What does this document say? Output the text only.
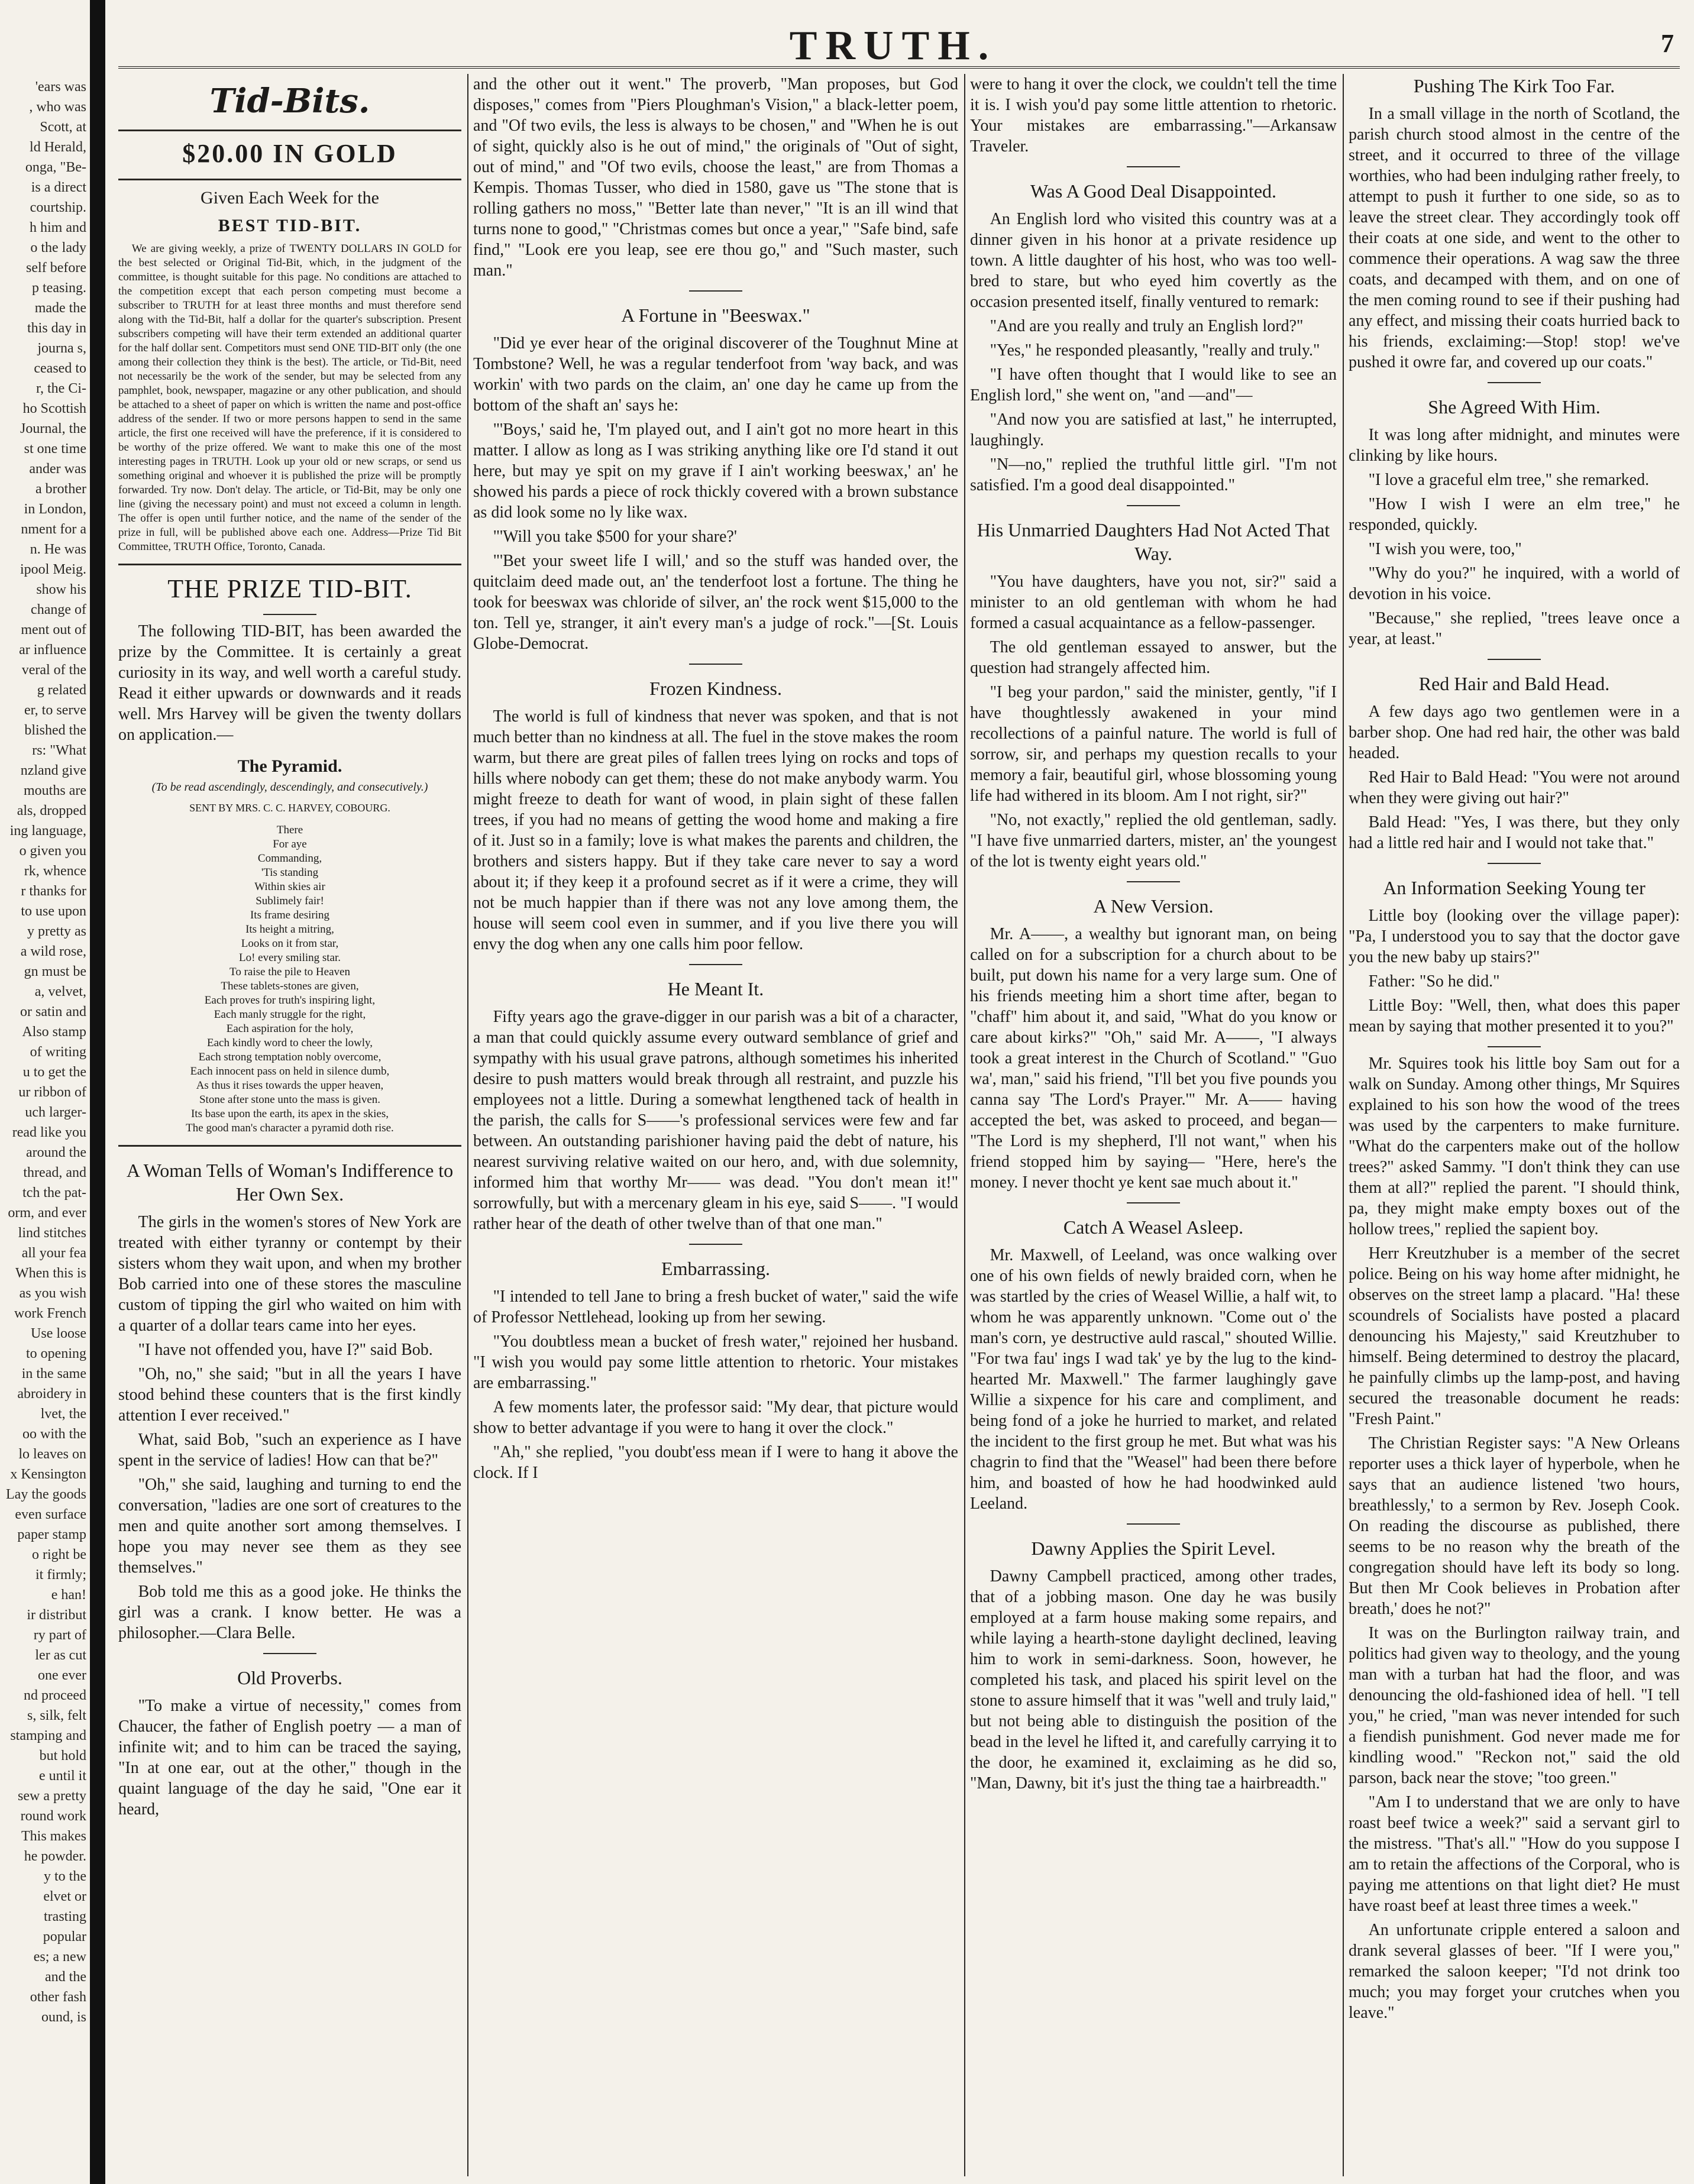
'ears was
, who was
Scott, at
ld Herald,
onga, "Be-
is a direct
courtship.
h him and
o the lady
self before
p teasing.
made the
this day in
journa s,
ceased to
r, the Ci-
ho Scottish
Journal, the
st one time
ander was
a brother
in London,
nment for a
n. He was
ipool Meig.
show his
change of
ment out of
ar influence
veral of the
g related
er, to serve
blished the
rs: "What
nzland give
mouths are
als, dropped
ing language,
o given you
rk, whence
r thanks for
to use upon
y pretty as
a wild rose,
gn must be
a, velvet,
or satin and
Also stamp
of writing
u to get the
ur ribbon of
uch larger-
read like you
around the
thread, and
tch the pat-
orm, and ever
lind stitches
all your fea
When this is
as you wish
work French
Use loose
to opening
in the same
abroidery in
lvet, the
oo with the
lo leaves on
x Kensington
Lay the goods
even surface
paper stamp
o right be
it firmly;
e han!
ir distribut
ry part of
ler as cut
one ever
nd proceed
s, silk, felt
stamping and
but hold
e until it
sew a pretty
round work
This makes
he powder.
y to the
elvet or
trasting
popular
es; a new
and the
other fash
ound, is
TRUTH.	7
Tid-Bits.
$20.00 IN GOLD
Given Each Week for the
BEST TID-BIT.

We are giving weekly, a prize of TWENTY DOLLARS IN GOLD for the best selected or Original Tid-Bit, which, in the judgment of the committee, is thought suitable for this page. No conditions are attached to the competition except that each person competing must become a subscriber to TRUTH for at least three months and must therefore send along with the Tid-Bit, half a dollar for the quarter's subscription. Present subscribers competing will have their term extended an additional quarter for the half dollar sent. Competitors must send ONE TID-BIT only (the one among their collection they think is the best). The article, or Tid-Bit, need not necessarily be the work of the sender, but may be selected from any pamphlet, book, newspaper, magazine or any other publication, and should be attached to a sheet of paper on which is written the name and post-office address of the sender. If two or more persons happen to send in the same article, the first one received will have the preference, if it is considered to be worthy of the prize offered. We want to make this one of the most interesting pages in TRUTH. Look up your old or new scraps, or send us something original and whoever it is published the prize will be promptly forwarded. Try now. Don't delay. The article, or Tid-Bit, may be only one line (giving the necessary point) and must not exceed a column in length. The offer is open until further notice, and the name of the sender of the prize in full, will be published above each one. Address—Prize Tid Bit Committee, TRUTH Office, Toronto, Canada.

THE PRIZE TID-BIT.

The following TID-BIT, has been awarded the prize by the Committee. It is certainly a great curiosity in its way, and well worth a careful study. Read it either upwards or downwards and it reads well. Mrs Harvey will be given the twenty dollars on application.—

The Pyramid.
(To be read ascendingly, descendingly, and consecutively.)
SENT BY MRS. C. C. HARVEY, COBOURG.
There
For aye
Commanding,
'Tis standing
Within skies air
Sublimely fair!
Its frame desiring
Its height a mitring,
Looks on it from star,
Lo! every smiling star.
To raise the pile to Heaven
These tablets-stones are given,
Each proves for truth's inspiring light,
Each manly struggle for the right,
Each aspiration for the holy,
Each kindly word to cheer the lowly,
Each strong temptation nobly overcome,
Each innocent pass on held in silence dumb,
As thus it rises towards the upper heaven,
Stone after stone unto the mass is given.
Its base upon the earth, its apex in the skies,
The good man's character a pyramid doth rise.
A Woman Tells of Woman's Indifference to Her Own Sex.

The girls in the women's stores of New York are treated with either tyranny or contempt by their sisters whom they wait upon, and when my brother Bob carried into one of these stores the masculine custom of tipping the girl who waited on him with a quarter of a dollar tears came into her eyes.

"I have not offended you, have I?" said Bob.

"Oh, no," she said; "but in all the years I have stood behind these counters that is the first kindly attention I ever received."

What, said Bob, "such an experience as I have spent in the service of ladies! How can that be?"

"Oh," she said, laughing and turning to end the conversation, "ladies are one sort of creatures to the men and quite another sort among themselves. I hope you may never see them as they see themselves."

Bob told me this as a good joke. He thinks the girl was a crank. I know better. He was a philosopher.—Clara Belle.

Old Proverbs.

"To make a virtue of necessity," comes from Chaucer, the father of English poetry — a man of infinite wit; and to him can be traced the saying, "In at one ear, out at the other," though in the quaint language of the day he said, "One ear it heard,

and the other out it went." The proverb, "Man proposes, but God disposes," comes from "Piers Ploughman's Vision," a black-letter poem, and "Of two evils, the less is always to be chosen," and "When he is out of sight, quickly also is he out of mind," the originals of "Out of sight, out of mind," and "Of two evils, choose the least," are from Thomas a Kempis. Thomas Tusser, who died in 1580, gave us "The stone that is rolling gathers no moss," "Better late than never," "It is an ill wind that turns none to good," "Christmas comes but once a year," "Safe bind, safe find," "Look ere you leap, see ere thou go," and "Such master, such man."

A Fortune in "Beeswax."

"Did ye ever hear of the original discoverer of the Toughnut Mine at Tombstone? Well, he was a regular tenderfoot from 'way back, and was workin' with two pards on the claim, an' one day he came up from the bottom of the shaft an' says he:

"'Boys,' said he, 'I'm played out, and I ain't got no more heart in this matter. I allow as long as I was striking anything like ore I'd stand it out here, but may ye spit on my grave if I ain't working beeswax,' an' he showed his pards a piece of rock thickly covered with a brown substance as did look some no ly like wax.

"'Will you take $500 for your share?'

"'Bet your sweet life I will,' and so the stuff was handed over, the quitclaim deed made out, an' the tenderfoot lost a fortune. The thing he took for beeswax was chloride of silver, an' the rock went $15,000 to the ton. Tell ye, stranger, it ain't every man's a judge of rock."—[St. Louis Globe-Democrat.

Frozen Kindness.

The world is full of kindness that never was spoken, and that is not much better than no kindness at all. The fuel in the stove makes the room warm, but there are great piles of fallen trees lying on rocks and tops of hills where nobody can get them; these do not make anybody warm. You might freeze to death for want of wood, in plain sight of these fallen trees, if you had no means of getting the wood home and making a fire of it. Just so in a family; love is what makes the parents and children, the brothers and sisters happy. But if they take care never to say a word about it; if they keep it a profound secret as if it were a crime, they will not be much happier than if there was not any love among them, the house will seem cool even in summer, and if you live there you will envy the dog when any one calls him poor fellow.

He Meant It.

Fifty years ago the grave-digger in our parish was a bit of a character, a man that could quickly assume every outward semblance of grief and sympathy with his usual grave patrons, although sometimes his inherited desire to push matters would break through all restraint, and puzzle his employees not a little. During a somewhat lengthened tack of health in the parish, the calls for S——'s professional services were few and far between. An outstanding parishioner having paid the debt of nature, his nearest surviving relative waited on our hero, and, with due solemnity, informed him that worthy Mr—— was dead. "You don't mean it!" sorrowfully, but with a mercenary gleam in his eye, said S——. "I would rather hear of the death of other twelve than of that one man."

Embarrassing.

"I intended to tell Jane to bring a fresh bucket of water," said the wife of Professor Nettlehead, looking up from her sewing.

"You doubtless mean a bucket of fresh water," rejoined her husband. "I wish you would pay some little attention to rhetoric. Your mistakes are embarrassing."

A few moments later, the professor said: "My dear, that picture would show to better advantage if you were to hang it over the clock."

"Ah," she replied, "you doubt'ess mean if I were to hang it above the clock. If I

were to hang it over the clock, we couldn't tell the time it is. I wish you'd pay some little attention to rhetoric. Your mistakes are embarrassing."—Arkansaw Traveler.

Was A Good Deal Disappointed.

An English lord who visited this country was at a dinner given in his honor at a private residence up town. A little daughter of his host, who was too well-bred to stare, but who eyed him covertly as the occasion presented itself, finally ventured to remark:

"And are you really and truly an English lord?"

"Yes," he responded pleasantly, "really and truly."

"I have often thought that I would like to see an English lord," she went on, "and —and"—

"And now you are satisfied at last," he interrupted, laughingly.

"N—no," replied the truthful little girl. "I'm not satisfied. I'm a good deal disappointed."

His Unmarried Daughters Had Not Acted That Way.

"You have daughters, have you not, sir?" said a minister to an old gentleman with whom he had formed a casual acquaintance as a fellow-passenger.

The old gentleman essayed to answer, but the question had strangely affected him.

"I beg your pardon," said the minister, gently, "if I have thoughtlessly awakened in your mind recollections of a painful nature. The world is full of sorrow, sir, and perhaps my question recalls to your memory a fair, beautiful girl, whose blossoming young life had withered in its bloom. Am I not right, sir?"

"No, not exactly," replied the old gentleman, sadly. "I have five unmarried darters, mister, an' the youngest of the lot is twenty eight years old."

A New Version.

Mr. A——, a wealthy but ignorant man, on being called on for a subscription for a church about to be built, put down his name for a very large sum. One of his friends meeting him a short time after, began to "chaff" him about it, and said, "What do you know or care about kirks?" "Oh," said Mr. A——, "I always took a great interest in the Church of Scotland." "Guo wa', man," said his friend, "I'll bet you five pounds you canna say 'The Lord's Prayer.'" Mr. A—— having accepted the bet, was asked to proceed, and began— "The Lord is my shepherd, I'll not want," when his friend stopped him by saying— "Here, here's the money. I never thocht ye kent sae much about it."

Catch A Weasel Asleep.

Mr. Maxwell, of Leeland, was once walking over one of his own fields of newly braided corn, when he was startled by the cries of Weasel Willie, a half wit, to whom he was apparently unknown. "Come out o' the man's corn, ye destructive auld rascal," shouted Willie. "For twa fau' ings I wad tak' ye by the lug to the kind-hearted Mr. Maxwell." The farmer laughingly gave Willie a sixpence for his care and compliment, and being fond of a joke he hurried to market, and related the incident to the first group he met. But what was his chagrin to find that the "Weasel" had been there before him, and boasted of how he had hoodwinked auld Leeland.

Dawny Applies the Spirit Level.

Dawny Campbell practiced, among other trades, that of a jobbing mason. One day he was busily employed at a farm house making some repairs, and while laying a hearth-stone daylight declined, leaving him to work in semi-darkness. Soon, however, he completed his task, and placed his spirit level on the stone to assure himself that it was "well and truly laid," but not being able to distinguish the position of the bead in the level he lifted it, and carefully carrying it to the door, he examined it, exclaiming as he did so, "Man, Dawny, bit it's just the thing tae a hairbreadth."

Pushing The Kirk Too Far.

In a small village in the north of Scotland, the parish church stood almost in the centre of the street, and it occurred to three of the village worthies, who had been indulging rather freely, to attempt to push it further to one side, so as to leave the street clear. They accordingly took off their coats at one side, and went to the other to commence their operations. A wag saw the three coats, and decamped with them, and on one of the men coming round to see if their pushing had any effect, and missing their coats hurried back to his friends, exclaiming:—Stop! stop! we've pushed it owre far, and covered up our coats."

She Agreed With Him.

It was long after midnight, and minutes were clinking by like hours.

"I love a graceful elm tree," she remarked.

"How I wish I were an elm tree," he responded, quickly.

"I wish you were, too,"

"Why do you?" he inquired, with a world of devotion in his voice.

"Because," she replied, "trees leave once a year, at least."

Red Hair and Bald Head.

A few days ago two gentlemen were in a barber shop. One had red hair, the other was bald headed.

Red Hair to Bald Head: "You were not around when they were giving out hair?"

Bald Head: "Yes, I was there, but they only had a little red hair and I would not take that."

An Information Seeking Young ter

Little boy (looking over the village paper): "Pa, I understood you to say that the doctor gave you the new baby up stairs?"

Father: "So he did."

Little Boy: "Well, then, what does this paper mean by saying that mother presented it to you?"

Mr. Squires took his little boy Sam out for a walk on Sunday. Among other things, Mr Squires explained to his son how the wood of the trees was used by the carpenters to make furniture. "What do the carpenters make out of the hollow trees?" asked Sammy. "I don't think they can use them at all?" replied the parent. "I should think, pa, they might make empty boxes out of the hollow trees," replied the sapient boy.

Herr Kreutzhuber is a member of the secret police. Being on his way home after midnight, he observes on the street lamp a placard. "Ha! these scoundrels of Socialists have posted a placard denouncing his Majesty," said Kreutzhuber to himself. Being determined to destroy the placard, he painfully climbs up the lamp-post, and having secured the treasonable document he reads: "Fresh Paint."

The Christian Register says: "A New Orleans reporter uses a thick layer of hyperbole, when he says that an audience listened 'two hours, breathlessly,' to a sermon by Rev. Joseph Cook. On reading the discourse as published, there seems to be no reason why the breath of the congregation should have left its body so long. But then Mr Cook believes in Probation after breath,' does he not?"

It was on the Burlington railway train, and politics had given way to theology, and the young man with a turban hat had the floor, and was denouncing the old-fashioned idea of hell. "I tell you," he cried, "man was never intended for such a fiendish punishment. God never made me for kindling wood." "Reckon not," said the old parson, back near the stove; "too green."

"Am I to understand that we are only to have roast beef twice a week?" said a servant girl to the mistress. "That's all." "How do you suppose I am to retain the affections of the Corporal, who is paying me attentions on that light diet? He must have roast beef at least three times a week."

An unfortunate cripple entered a saloon and drank several glasses of beer. "If I were you," remarked the saloon keeper; "I'd not drink too much; you may forget your crutches when you leave."
